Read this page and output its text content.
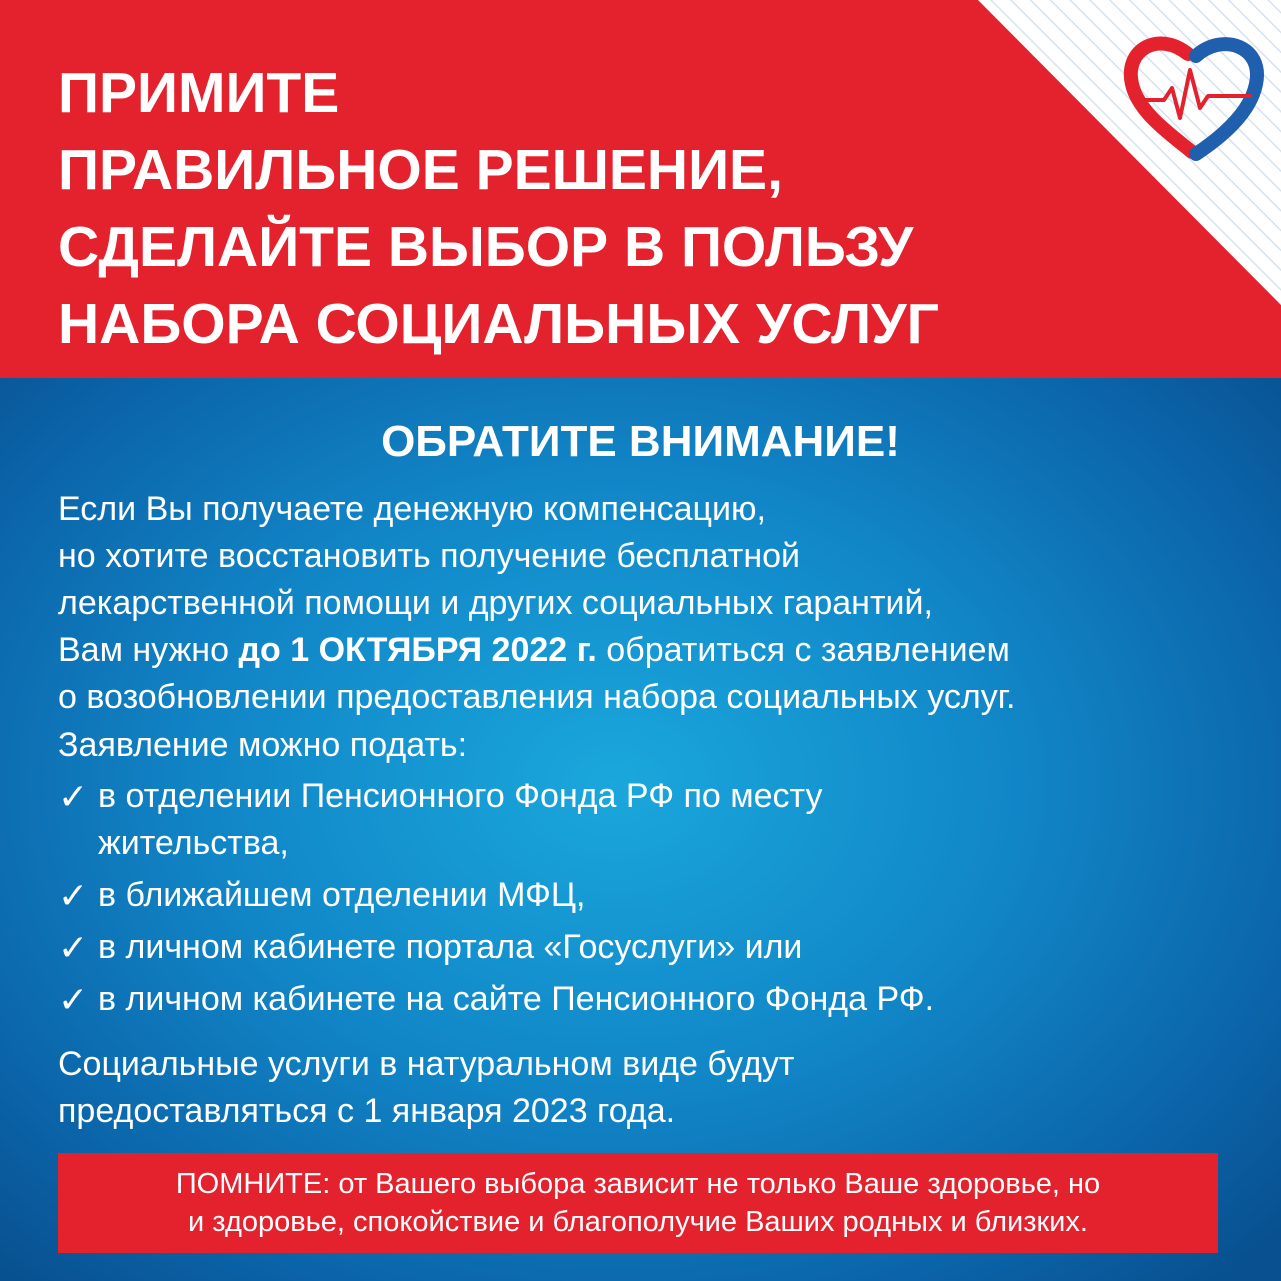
ПРИМИТЕ
ПРАВИЛЬНОЕ РЕШЕНИЕ,
СДЕЛАЙТЕ ВЫБОР В ПОЛЬЗУ
НАБОРА СОЦИАЛЬНЫХ УСЛУГ
ОБРАТИТЕ ВНИМАНИЕ!
Если Вы получаете денежную компенсацию,
но хотите восстановить получение бесплатной
лекарственной помощи и других социальных гарантий,
Вам нужно до 1 ОКТЯБРЯ 2022 г. обратиться с заявлением
о возобновлении предоставления набора социальных услуг.
Заявление можно подать:
✓ в отделении Пенсионного Фонда РФ по месту
жительства,
✓ в ближайшем отделении МФЦ,
✓ в личном кабинете портала «Госуслуги» или
✓ в личном кабинете на сайте Пенсионного Фонда РФ.
Социальные услуги в натуральном виде будут
предоставляться с 1 января 2023 года.
ПОМНИТЕ: от Вашего выбора зависит не только Ваше здоровье, но
и здоровье, спокойствие и благополучие Ваших родных и близких.
